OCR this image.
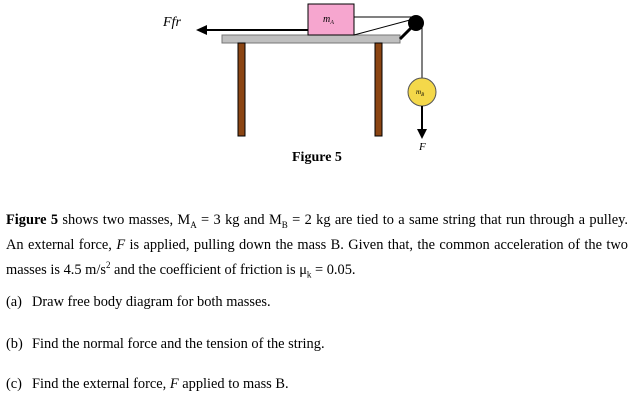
Ffr	$m_A$
$m_B$
F
Figure 5
Figure 5 shows two masses, $M_A = 3$ kg and $M_B = 2$ kg are tied to a same string that run through a pulley. An external force, F is applied, pulling down the mass B. Given that, the common acceleration of the two masses is 4.5 $m/s^2$ and the coefficient of friction is $\mu_k = 0.05$.
(a) Draw free body diagram for both masses.
(b) Find the normal force and the tension of the string.
(c) Find the external force, F applied to mass B.
